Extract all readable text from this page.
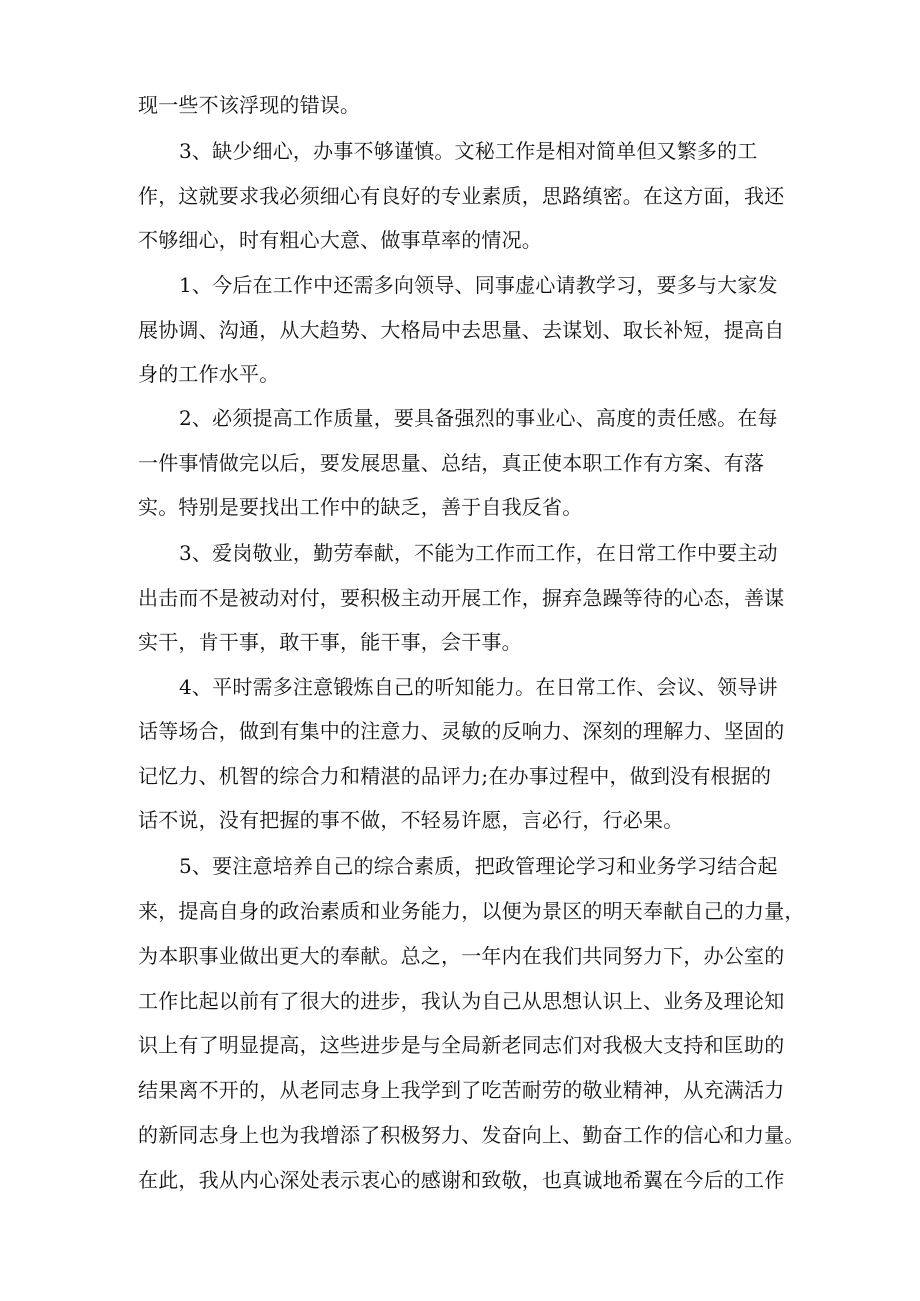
现一些不该浮现的错误。
3、缺少细心，办事不够谨慎。文秘工作是相对简单但又繁多的工
作，这就要求我必须细心有良好的专业素质，思路缜密。在这方面，我还
不够细心，时有粗心大意、做事草率的情况。
1、今后在工作中还需多向领导、同事虚心请教学习，要多与大家发
展协调、沟通，从大趋势、大格局中去思量、去谋划、取长补短，提高自
身的工作水平。
2、必须提高工作质量，要具备强烈的事业心、高度的责任感。在每
一件事情做完以后，要发展思量、总结，真正使本职工作有方案、有落
实。特别是要找出工作中的缺乏，善于自我反省。
3、爱岗敬业，勤劳奉献，不能为工作而工作，在日常工作中要主动
出击而不是被动对付，要积极主动开展工作，摒弃急躁等待的心态，善谋
实干，肯干事，敢干事，能干事，会干事。
4、平时需多注意锻炼自己的听知能力。在日常工作、会议、领导讲
话等场合，做到有集中的注意力、灵敏的反响力、深刻的理解力、坚固的
记忆力、机智的综合力和精湛的品评力;在办事过程中，做到没有根据的
话不说，没有把握的事不做，不轻易许愿，言必行，行必果。
5、要注意培养自己的综合素质，把政管理论学习和业务学习结合起
来，提高自身的政治素质和业务能力，以便为景区的明天奉献自己的力量，
为本职事业做出更大的奉献。总之，一年内在我们共同努力下，办公室的
工作比起以前有了很大的进步，我认为自己从思想认识上、业务及理论知
识上有了明显提高，这些进步是与全局新老同志们对我极大支持和匡助的
结果离不开的，从老同志身上我学到了吃苦耐劳的敬业精神，从充满活力
的新同志身上也为我增添了积极努力、发奋向上、勤奋工作的信心和力量。
在此，我从内心深处表示衷心的感谢和致敬，也真诚地希翼在今后的工作
